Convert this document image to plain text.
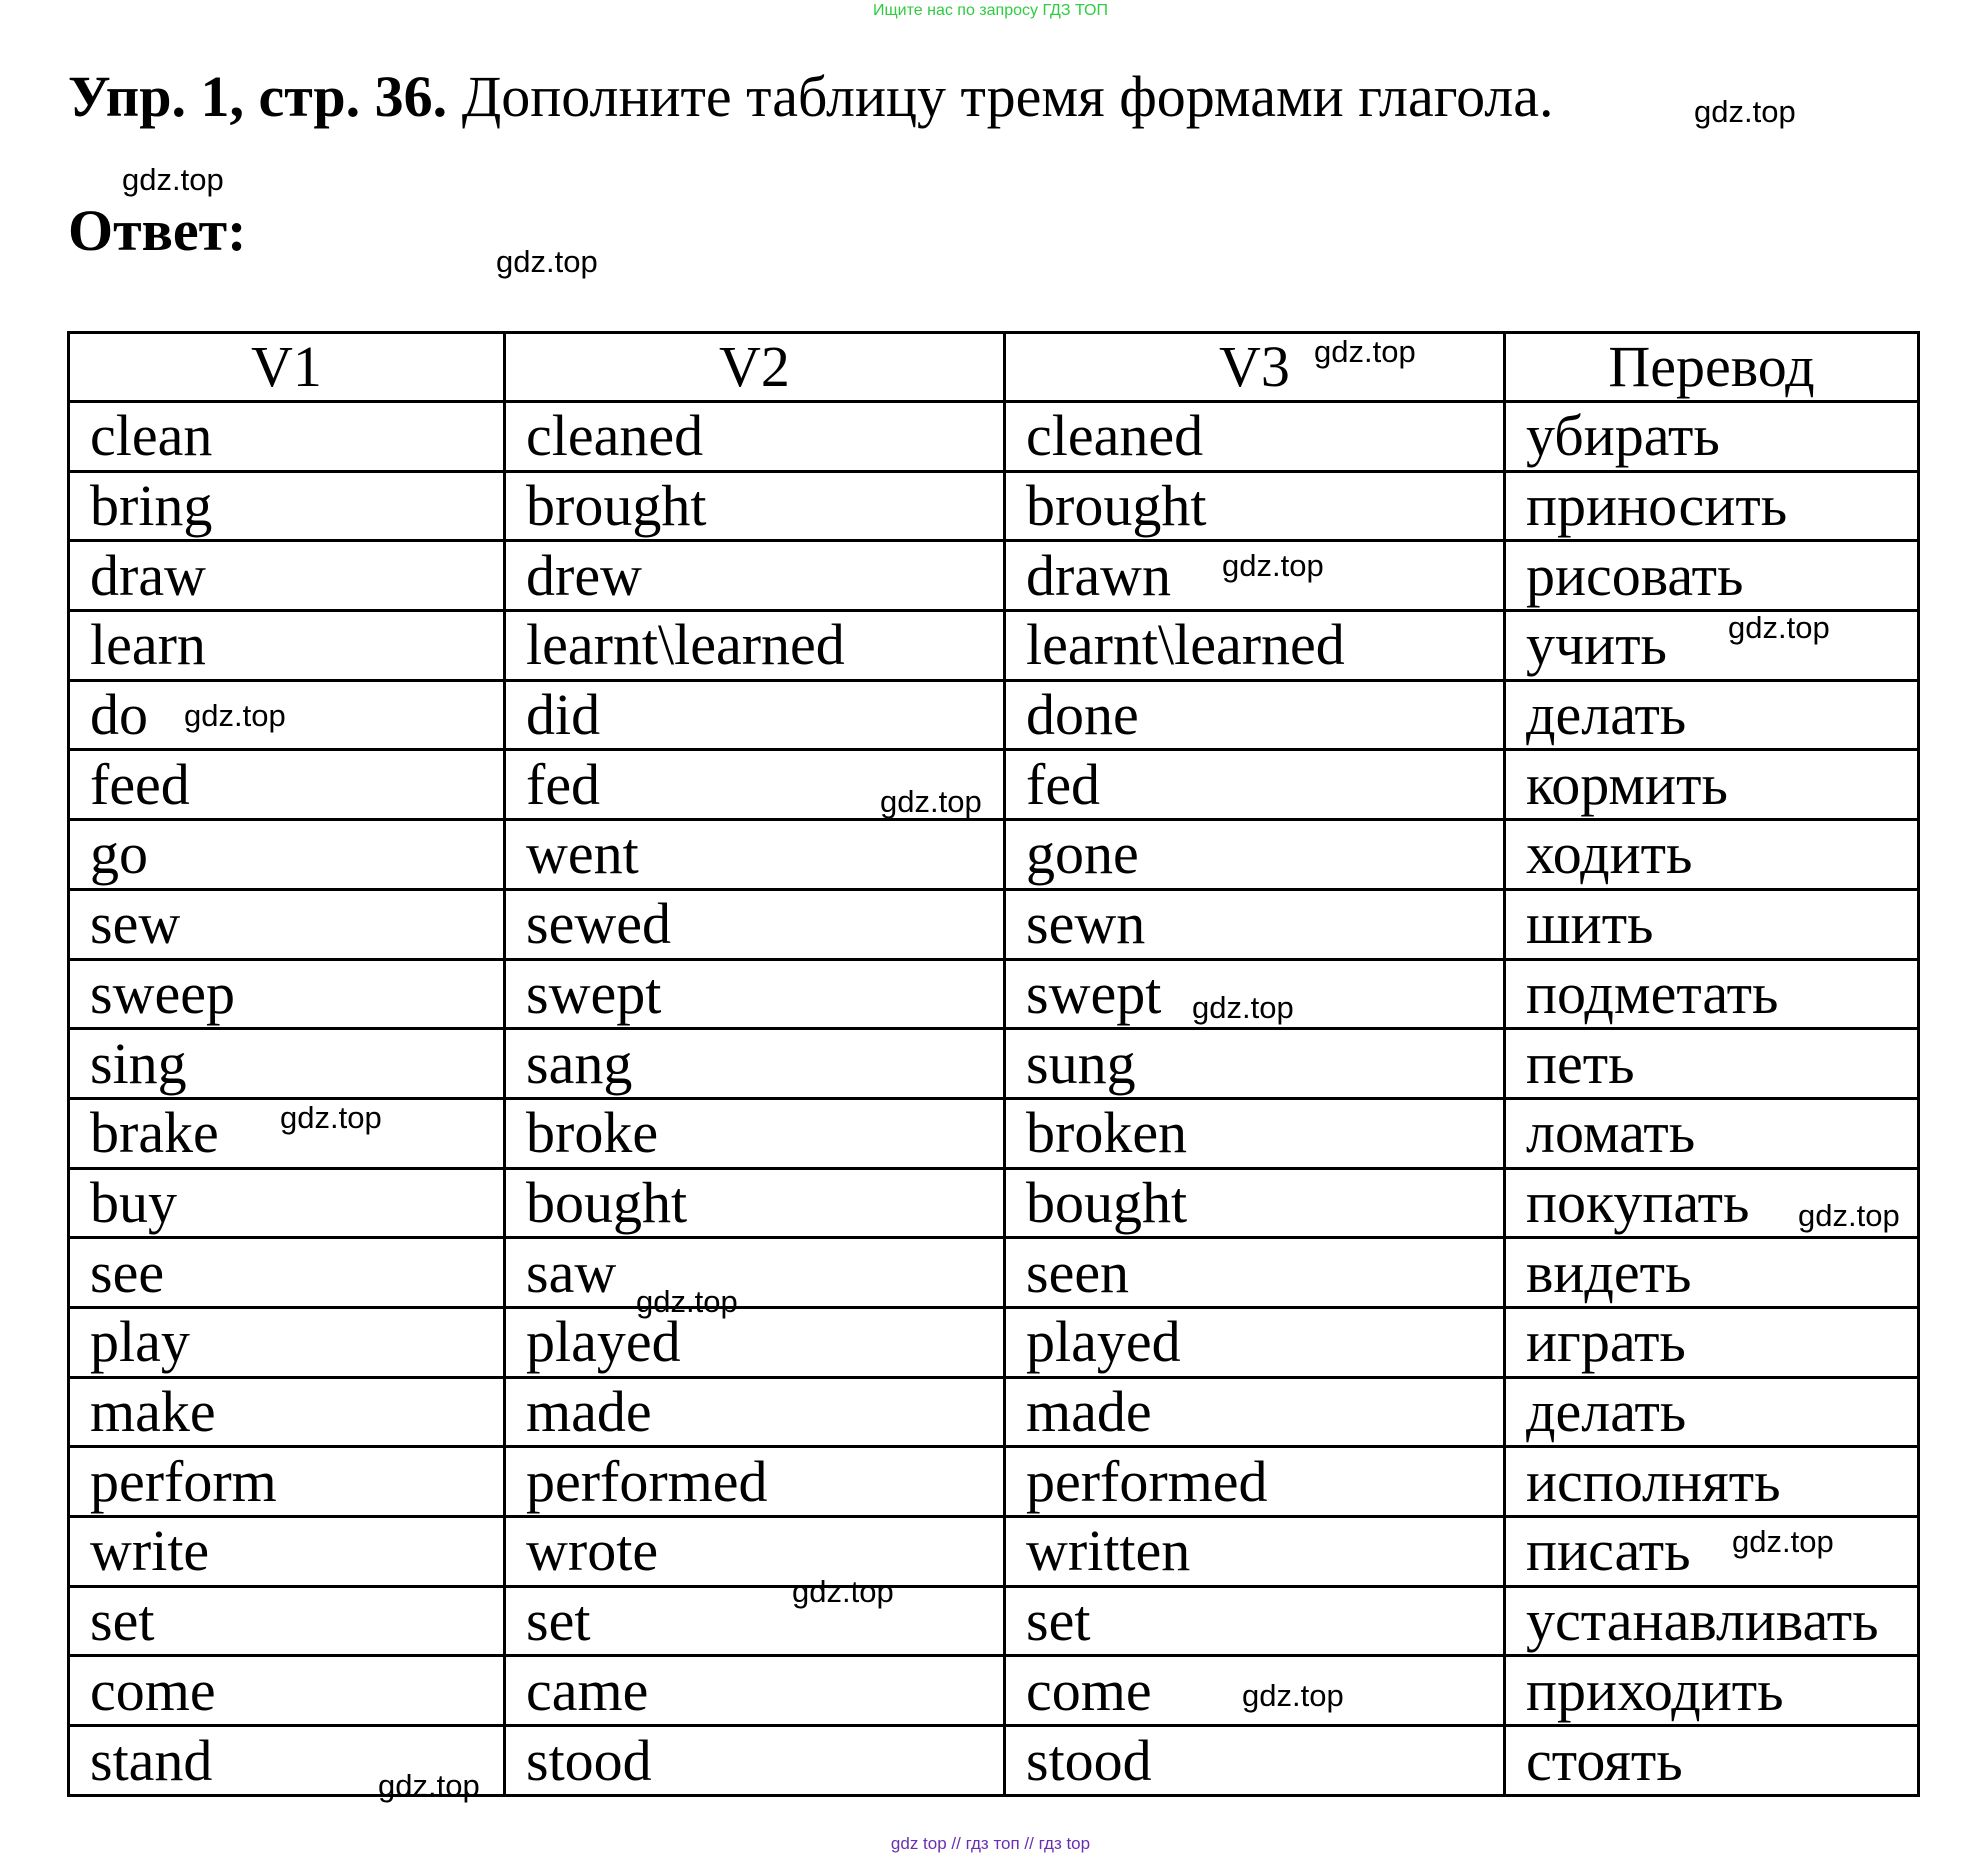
Ищите нас по запросу ГДЗ ТОП
Упр. 1, стр. 36. Дополните таблицу тремя формами глагола.
Ответ:
V1	V2	V3	Перевод
clean	cleaned	cleaned	убирать
bring	brought	brought	приносить
draw	drew	drawn	рисовать
learn	learnt\learned	learnt\learned	учить
do	did	done	делать
feed	fed	fed	кормить
go	went	gone	ходить
sew	sewed	sewn	шить
sweep	swept	swept	подметать
sing	sang	sung	петь
brake	broke	broken	ломать
buy	bought	bought	покупать
see	saw	seen	видеть
play	played	played	играть
make	made	made	делать
perform	performed	performed	исполнять
write	wrote	written	писать
set	set	set	устанавливать
come	came	come	приходить
stand	stood	stood	стоять
gdz.top
gdz.top
gdz.top
gdz.top
gdz.top
gdz.top
gdz.top
gdz.top
gdz.top
gdz.top
gdz.top
gdz.top
gdz.top
gdz.top
gdz.top
gdz.top
gdz top // гдз топ // гдз top
